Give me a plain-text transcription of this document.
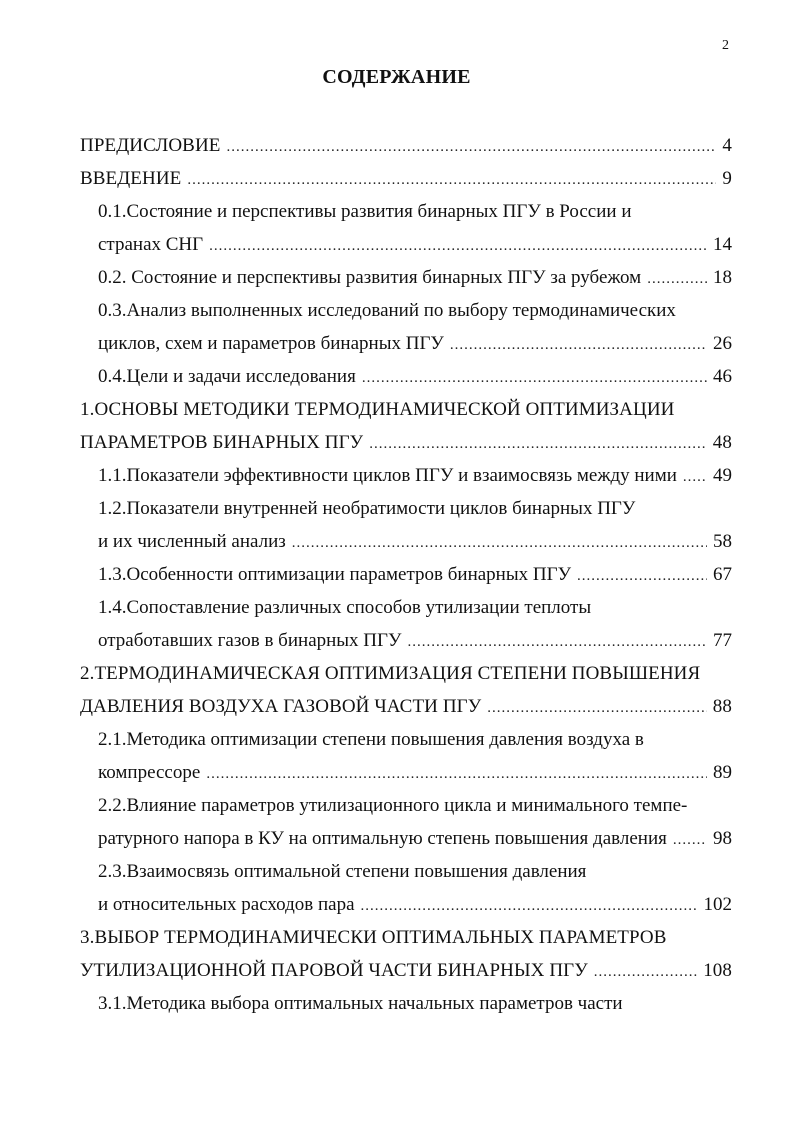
2
СОДЕРЖАНИЕ
ПРЕДИСЛОВИЕ .....	4
ВВЕДЕНИЕ .....	9
0.1.Состояние и перспективы развития бинарных ПГУ в России и
странах СНГ .....	14
0.2. Состояние и перспективы развития бинарных ПГУ за рубежом .....	18
0.3.Анализ выполненных исследований по выбору термодинамических
циклов, схем и параметров бинарных ПГУ .....	26
0.4.Цели и задачи исследования .....	46
1.ОСНОВЫ МЕТОДИКИ ТЕРМОДИНАМИЧЕСКОЙ ОПТИМИЗАЦИИ
ПАРАМЕТРОВ БИНАРНЫХ ПГУ .....	48
1.1.Показатели эффективности циклов ПГУ и взаимосвязь между ними ..... 49
1.2.Показатели внутренней необратимости циклов бинарных ПГУ
и их численный анализ .....	58
1.3.Особенности оптимизации параметров бинарных ПГУ .....	67
1.4.Сопоставление различных способов утилизации теплоты
отработавших газов в бинарных ПГУ .....	77
2.ТЕРМОДИНАМИЧЕСКАЯ ОПТИМИЗАЦИЯ СТЕПЕНИ ПОВЫШЕНИЯ
ДАВЛЕНИЯ ВОЗДУХА ГАЗОВОЙ ЧАСТИ ПГУ .....	88
2.1.Методика оптимизации степени повышения давления воздуха в
компрессоре .....	89
2.2.Влияние параметров утилизационного цикла и минимального темпе-
ратурного напора в КУ на оптимальную степень повышения давления ..... 98
2.3.Взаимосвязь оптимальной степени повышения давления
и относительных расходов пара .....	102
3.ВЫБОР ТЕРМОДИНАМИЧЕСКИ ОПТИМАЛЬНЫХ ПАРАМЕТРОВ
УТИЛИЗАЦИОННОЙ ПАРОВОЙ ЧАСТИ БИНАРНЫХ ПГУ .....	108
3.1.Методика выбора оптимальных начальных параметров части
